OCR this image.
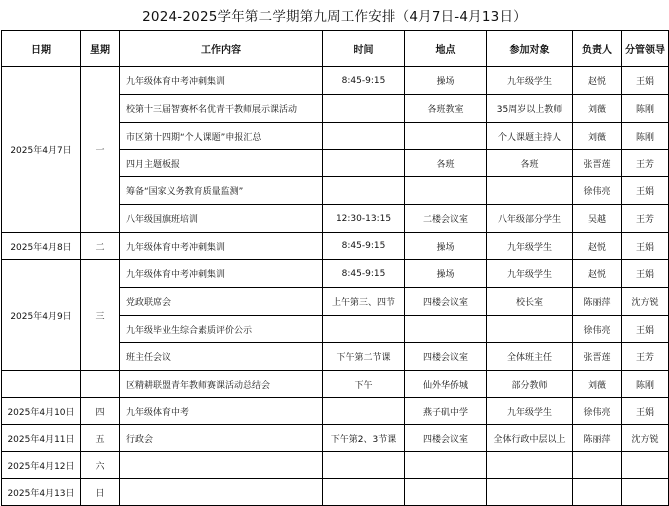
2024-2025学年第二学期第九周工作安排（4月7日-4月13日）
日期	星期	工作内容	时间	地点	参加对象	负责人	分管领导
2025年4月7日	一	九年级体育中考冲刺集训	8:45-9:15	操场	九年级学生	赵悦	王娟
		校第十三届智赛杯名优青干教师展示课活动		各班教室	35周岁以上教师	刘薇	陈刚
		市区第十四期“个人课题”申报汇总			个人课题主持人	刘薇	陈刚
		四月主题板报		各班	各班	张晋莲	王芳
		筹备“国家义务教育质量监测”				徐伟亮	王娟
		八年级国旗班培训	12:30-13:15	二楼会议室	八年级部分学生	吴越	王芳
2025年4月8日	二	九年级体育中考冲刺集训	8:45-9:15	操场	九年级学生	赵悦	王娟
2025年4月9日	三	九年级体育中考冲刺集训	8:45-9:15	操场	九年级学生	赵悦	王娟
		党政联席会	上午第三、四节	四楼会议室	校长室	陈丽萍	沈方锐
		九年级毕业生综合素质评价公示				徐伟亮	王娟
		班主任会议	下午第二节课	四楼会议室	全体班主任	张晋莲	王芳
		区精耕联盟青年教师赛课活动总结会	下午	仙外华侨城	部分教师	刘薇	陈刚
2025年4月10日	四	九年级体育中考		燕子矶中学	九年级学生	徐伟亮	王娟
2025年4月11日	五	行政会	下午第2、3节课	四楼会议室	全体行政中层以上	陈丽萍	沈方锐
2025年4月12日	六						
2025年4月13日	日						
